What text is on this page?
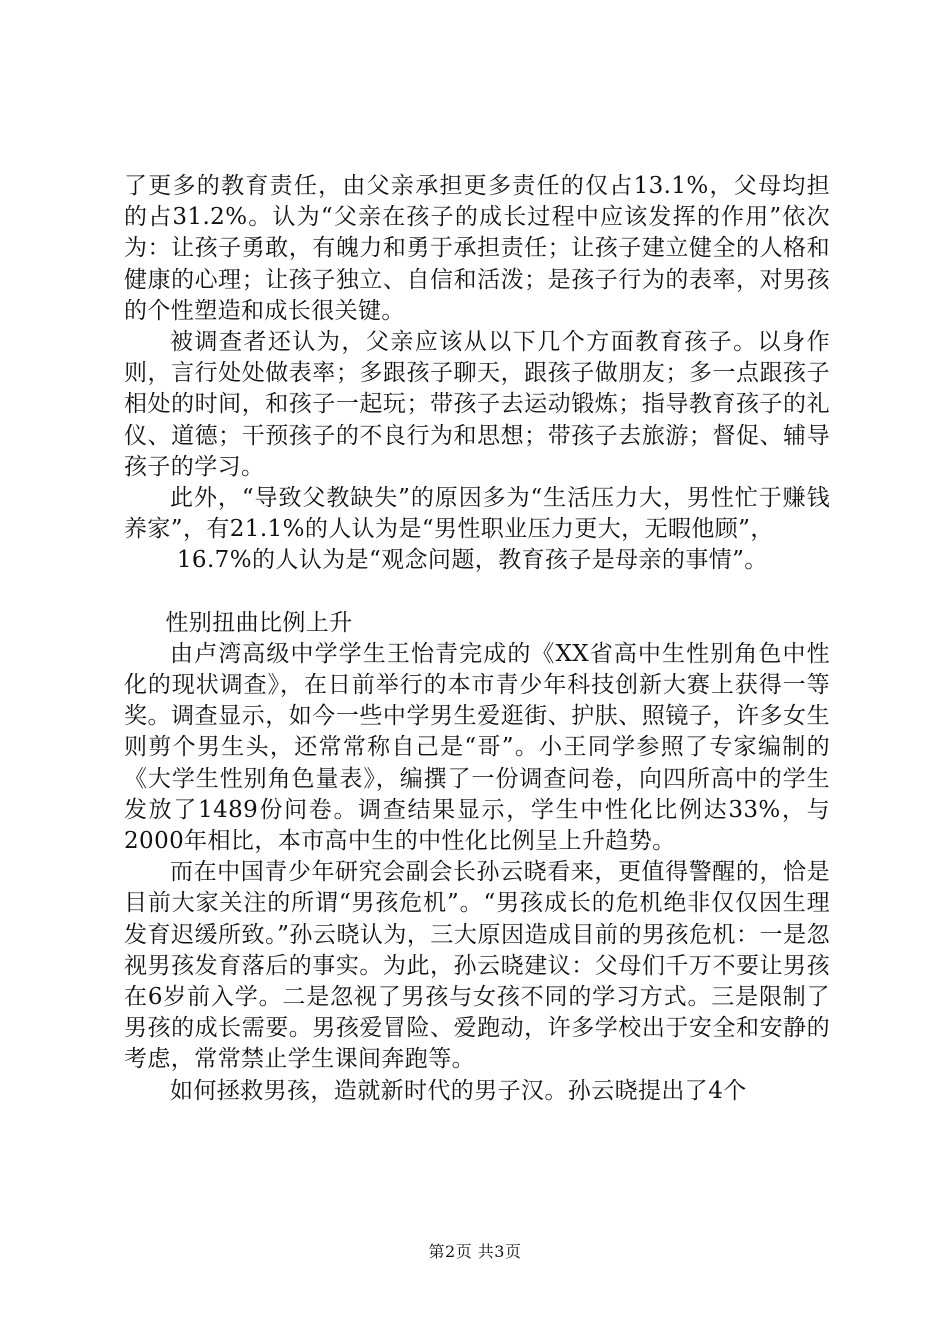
了更多的教育责任，由父亲承担更多责任的仅占13.1%，父母均担的占31.2%。认为“父亲在孩子的成长过程中应该发挥的作用”依次为：让孩子勇敢，有魄力和勇于承担责任；让孩子建立健全的人格和健康的心理；让孩子独立、自信和活泼；是孩子行为的表率，对男孩的个性塑造和成长很关键。

被调查者还认为，父亲应该从以下几个方面教育孩子。以身作则，言行处处做表率；多跟孩子聊天，跟孩子做朋友；多一点跟孩子相处的时间，和孩子一起玩；带孩子去运动锻炼；指导教育孩子的礼仪、道德；干预孩子的不良行为和思想；带孩子去旅游；督促、辅导孩子的学习。

此外，“导致父教缺失”的原因多为“生活压力大，男性忙于赚钱养家”，有21.1%的人认为是“男性职业压力更大，无暇他顾”，

16.7%的人认为是“观念问题，教育孩子是母亲的事情”。

性别扭曲比例上升

由卢湾高级中学学生王怡青完成的《XX省高中生性别角色中性化的现状调查》，在日前举行的本市青少年科技创新大赛上获得一等奖。调查显示，如今一些中学男生爱逛街、护肤、照镜子，许多女生则剪个男生头，还常常称自己是“哥”。小王同学参照了专家编制的《大学生性别角色量表》，编撰了一份调查问卷，向四所高中的学生发放了1489份问卷。调查结果显示，学生中性化比例达33%，与2000年相比，本市高中生的中性化比例呈上升趋势。

而在中国青少年研究会副会长孙云晓看来，更值得警醒的，恰是目前大家关注的所谓“男孩危机”。“男孩成长的危机绝非仅仅因生理发育迟缓所致。”孙云晓认为，三大原因造成目前的男孩危机：一是忽视男孩发育落后的事实。为此，孙云晓建议：父母们千万不要让男孩在6岁前入学。二是忽视了男孩与女孩不同的学习方式。三是限制了男孩的成长需要。男孩爱冒险、爱跑动，许多学校出于安全和安静的考虑，常常禁止学生课间奔跑等。

如何拯救男孩，造就新时代的男子汉。孙云晓提出了4个

第2页 共3页
